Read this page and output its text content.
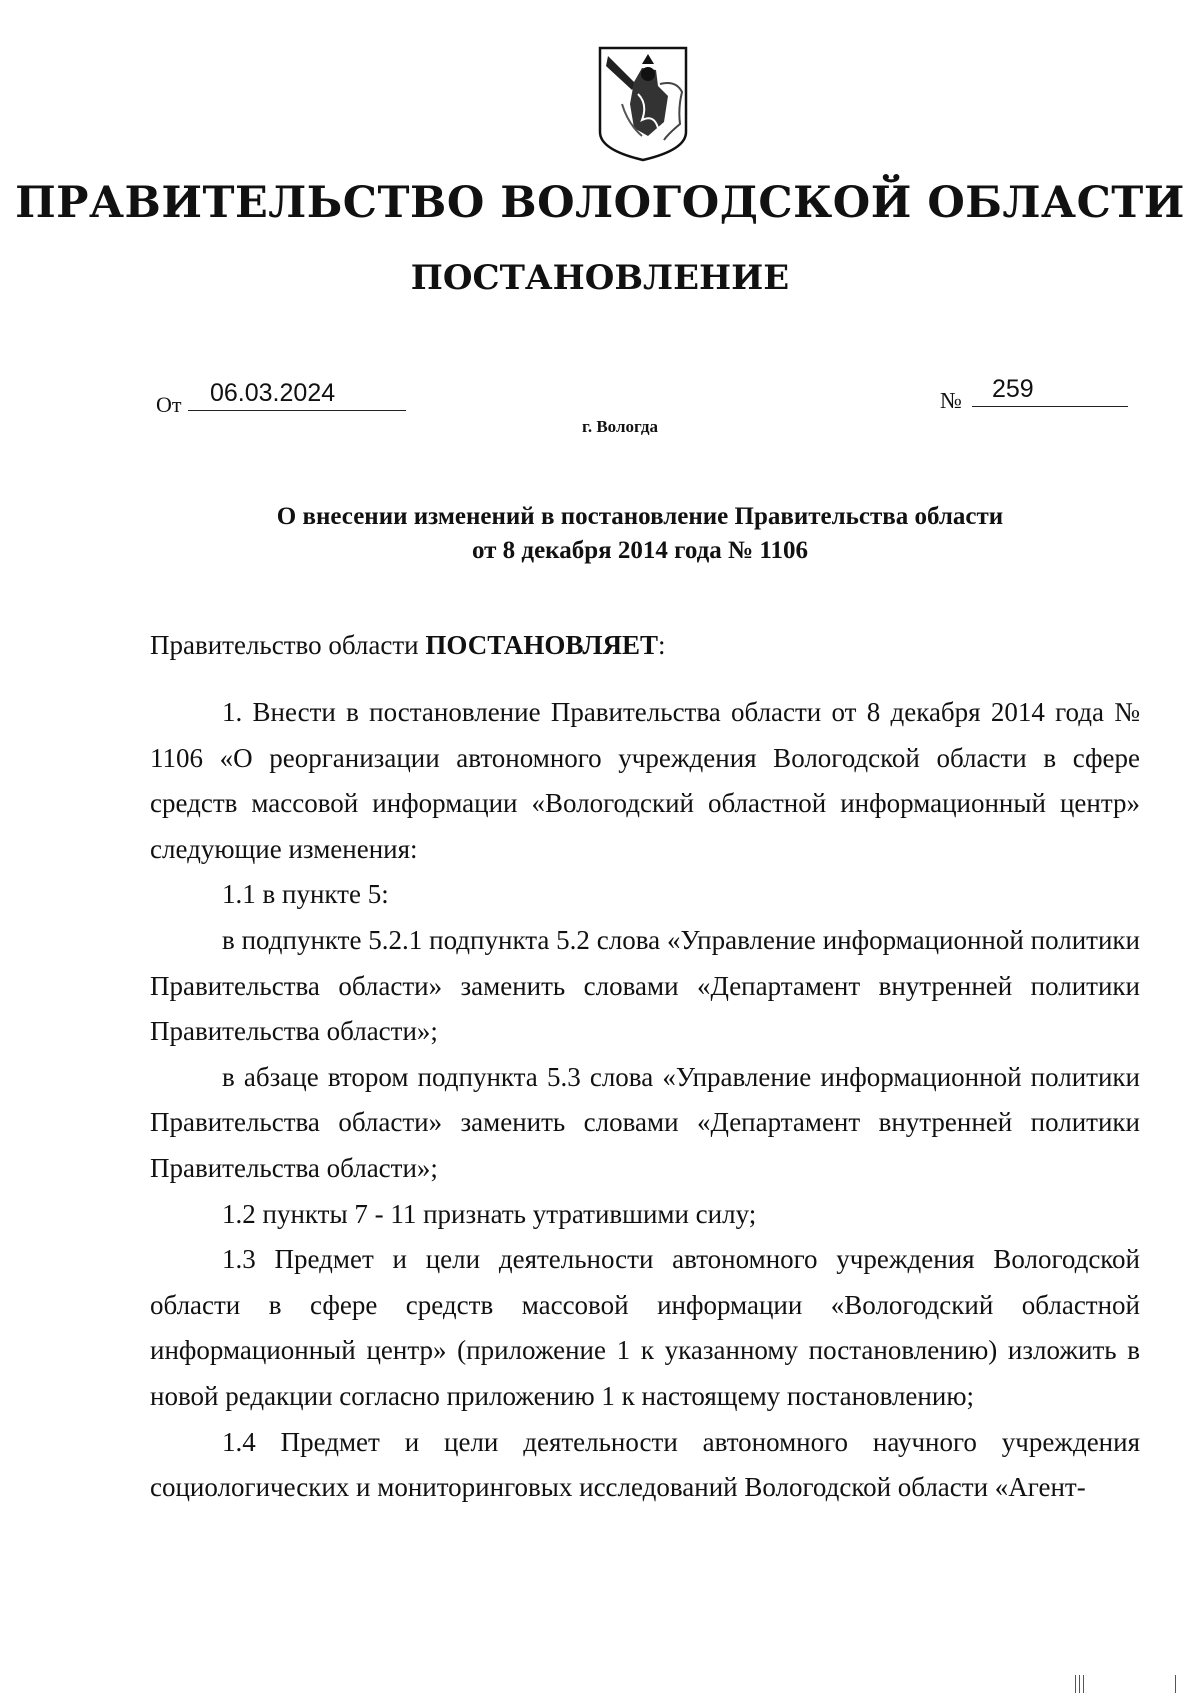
ПРАВИТЕЛЬСТВО ВОЛОГОДСКОЙ ОБЛАСТИ
ПОСТАНОВЛЕНИЕ
От	06.03.2024	№	259
г. Вологда
О внесении изменений в постановление Правительства области
от 8 декабря 2014 года № 1106
Правительство области ПОСТАНОВЛЯЕТ:

1. Внести в постановление Правительства области от 8 декабря 2014 года № 1106 «О реорганизации автономного учреждения Вологодской области в сфере средств массовой информации «Вологодский областной информационный центр» следующие изменения:

1.1 в пункте 5:

в подпункте 5.2.1 подпункта 5.2 слова «Управление информационной политики Правительства области» заменить словами «Департамент внутренней политики Правительства области»;

в абзаце втором подпункта 5.3 слова «Управление информационной политики Правительства области» заменить словами «Департамент внутренней политики Правительства области»;

1.2 пункты 7 - 11 признать утратившими силу;

1.3 Предмет и цели деятельности автономного учреждения Вологодской области в сфере средств массовой информации «Вологодский областной информационный центр» (приложение 1 к указанному постановлению) изложить в новой редакции согласно приложению 1 к настоящему постановлению;

1.4 Предмет и цели деятельности автономного научного учреждения социологических и мониторинговых исследований Вологодской области «Агент-
